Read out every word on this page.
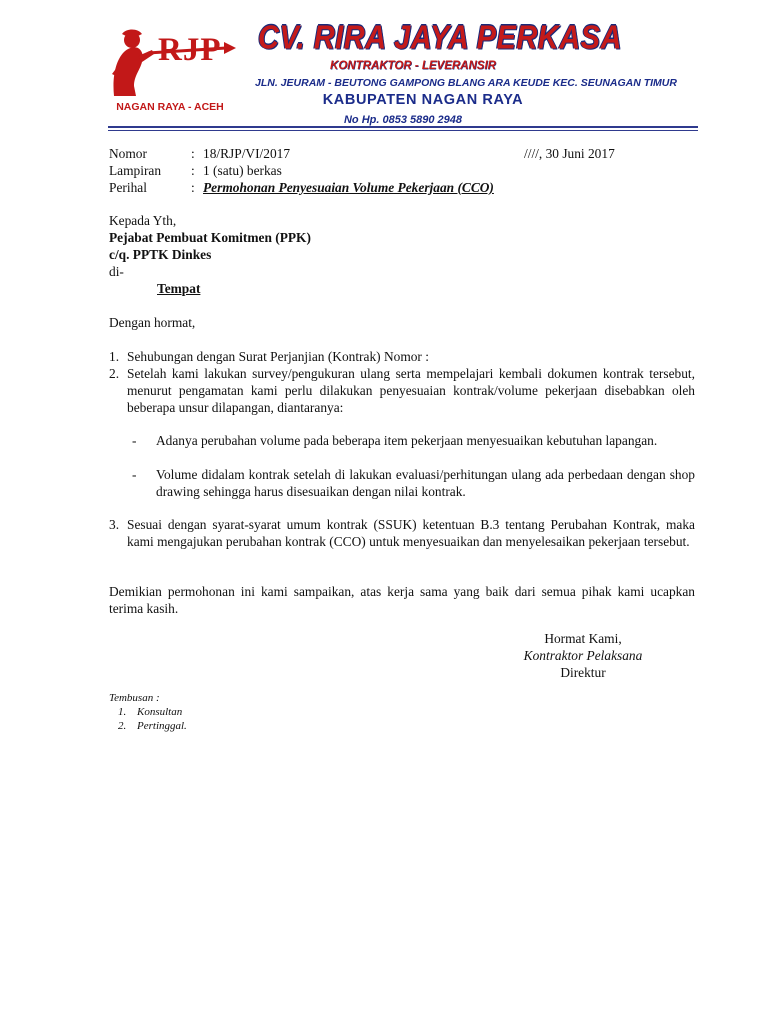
RJP
NAGAN RAYA - ACEH
CV. RIRA JAYA PERKASA
KONTRAKTOR - LEVERANSIR
JLN. JEURAM - BEUTONG GAMPONG BLANG ARA KEUDE KEC. SEUNAGAN TIMUR
KABUPATEN NAGAN RAYA
No Hp. 0853 5890 2948
Nomor	: 18/RJP/VI/2017	////, 30 Juni 2017
Lampiran : 1 (satu) berkas
Perihal	: Permohonan Penyesuaian Volume Pekerjaan (CCO)
Kepada Yth,
Pejabat Pembuat Komitmen (PPK)
c/q. PPTK Dinkes
di-
Tempat
Dengan hormat,
1. Sehubungan dengan Surat Perjanjian (Kontrak) Nomor :
2. Setelah kami lakukan survey/pengukuran ulang serta mempelajari kembali dokumen kontrak tersebut, menurut pengamatan kami perlu dilakukan penyesuaian kontrak/volume pekerjaan disebabkan oleh beberapa unsur dilapangan, diantaranya:
- Adanya perubahan volume pada beberapa item pekerjaan menyesuaikan kebutuhan lapangan.
- Volume didalam kontrak setelah di lakukan evaluasi/perhitungan ulang ada perbedaan dengan shop drawing sehingga harus disesuaikan dengan nilai kontrak.
3. Sesuai dengan syarat-syarat umum kontrak (SSUK) ketentuan B.3 tentang Perubahan Kontrak, maka kami mengajukan perubahan kontrak (CCO) untuk menyesuaikan dan menyelesaikan pekerjaan tersebut.
Demikian permohonan ini kami sampaikan, atas kerja sama yang baik dari semua pihak kami ucapkan terima kasih.
Hormat Kami,
Kontraktor Pelaksana
Direktur
Tembusan :
1. Konsultan
2. Pertinggal.
